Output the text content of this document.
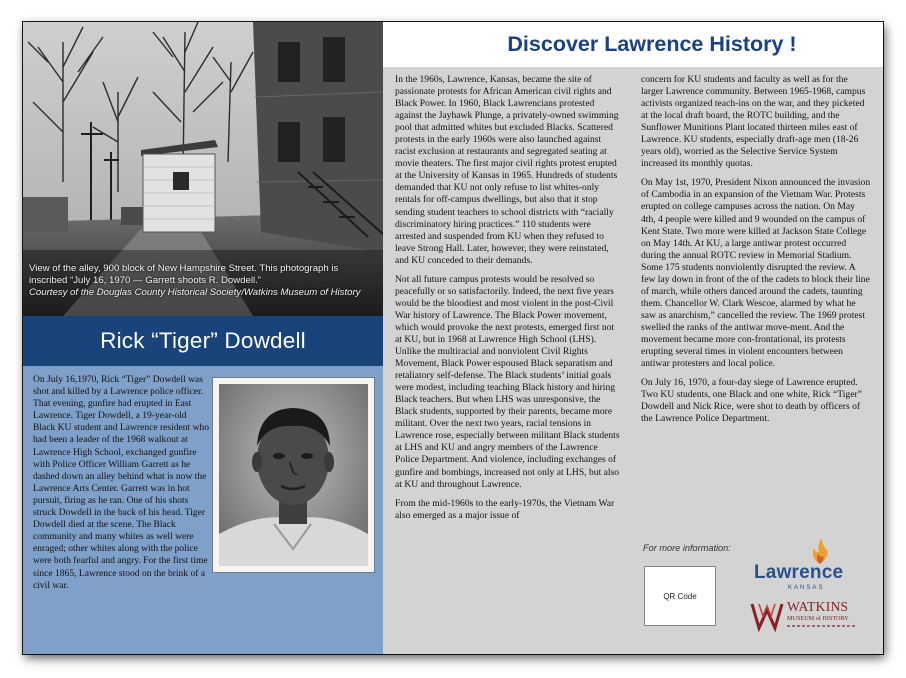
View of the alley, 900 block of New Hampshire Street. This photograph is inscribed “July 16, 1970 — Garrett shoots R. Dowdell.”
Courtesy of the Douglas County Historical Society/Watkins Museum of History
Rick “Tiger” Dowdell

On July 16,1970, Rick “Tiger” Dowdell was shot and killed by a Lawrence police officer. That evening, gunfire had erupted in East Lawrence. Tiger Dowdell, a 19-year-old Black KU student and Lawrence resident who had been a leader of the 1968 walkout at Lawrence High School, exchanged gunfire with Police Officer William Garrett as he dashed down an alley behind what is now the Lawrence Arts Center. Garrett was in hot pursuit, firing as he ran. One of his shots struck Dowdell in the back of his head. Tiger Dowdell died at the scene. The Black community and many whites as well were enraged; other whites along with the police were both fearful and angry. For the first time since 1865, Lawrence stood on the brink of a civil war.

Discover Lawrence History !

In the 1960s, Lawrence, Kansas, became the site of passionate protests for African American civil rights and Black Power. In 1960, Black Lawrencians protested against the Jayhawk Plunge, a privately-owned swimming pool that admitted whites but excluded Blacks. Scattered protests in the early 1960s were also launched against racist exclusion at restaurants and segregated seating at movie theaters. The first major civil rights protest erupted at the University of Kansas in 1965. Hundreds of students demanded that KU not only refuse to list whites-only rentals for off-campus dwellings, but also that it stop sending student teachers to school districts with “racially discriminatory hiring practices.” 110 students were arrested and suspended from KU when they refused to leave Strong Hall. Later, however, they were reinstated, and KU conceded to their demands.

Not all future campus protests would be resolved so peacefully or so satisfactorily. Indeed, the next five years would be the bloodiest and most violent in the post-Civil War history of Lawrence. The Black Power movement, which would provoke the next protests, emerged first not at KU, but in 1968 at Lawrence High School (LHS). Unlike the multiracial and nonviolent Civil Rights Movement, Black Power espoused Black separatism and retaliatory self-defense. The Black students’ initial goals were modest, including teaching Black history and hiring Black teachers. But when LHS was unresponsive, the Black students, supported by their parents, became more militant. Over the next two years, racial tensions in Lawrence rose, especially between militant Black students at LHS and KU and angry members of the Lawrence Police Department. And violence, including exchanges of gunfire and bombings, increased not only at LHS, but also at KU and throughout Lawrence.

From the mid-1960s to the early-1970s, the Vietnam War also emerged as a major issue of

concern for KU students and faculty as well as for the larger Lawrence community. Between 1965-1968, campus activists organized teach-ins on the war, and they picketed at the local draft board, the ROTC building, and the Sunflower Munitions Plant located thirteen miles east of Lawrence. KU students, especially draft-age men (18-26 years old), worried as the Selective Service System increased its monthly quotas.

On May 1st, 1970, President Nixon announced the invasion of Cambodia in an expansion of the Vietnam War. Protests erupted on college campuses across the nation. On May 4th, 4 people were killed and 9 wounded on the campus of Kent State. Two more were killed at Jackson State College on May 14th. At KU, a large antiwar protest occurred during the annual ROTC review in Memorial Stadium. Some 175 students nonviolently disrupted the review. A few lay down in front of the of the cadets to block their line of march, while others danced around the cadets, taunting them. Chancellor W. Clark Wescoe, alarmed by what he saw as anarchism,” cancelled the review. The 1969 protest swelled the ranks of the antiwar move-ment. And the movement became more con-frontational, its protests erupting several times in violent encounters between antiwar protesters and local police.

On July 16, 1970, a four-day siege of Lawrence erupted. Two KU students, one Black and one white, Rick “Tiger” Dowdell and Nick Rice, were shot to death by officers of the Lawrence Police Department.

For more information:
QR Code
Lawrence
KANSAS
WATKINS
MUSEUM of HISTORY
